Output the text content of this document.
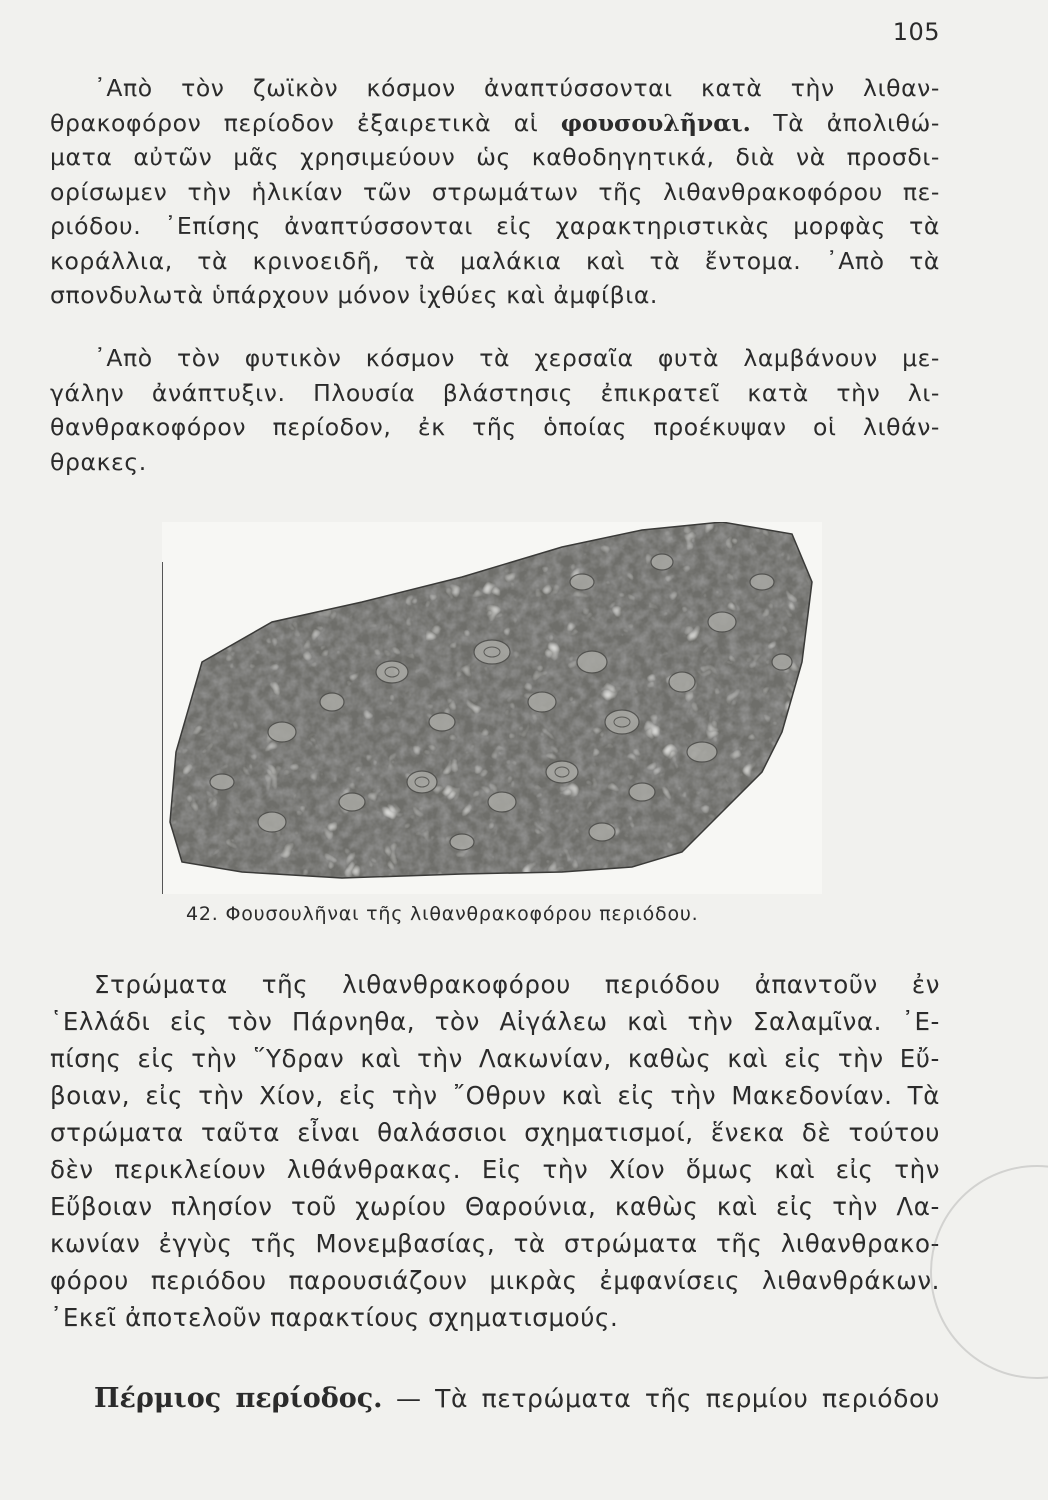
105
᾿Απὸ τὸν ζωϊκὸν κόσμον ἀναπτύσσονται κατὰ τὴν λιθαν-
θρακοφόρον περίοδον ἐξαιρετικὰ αἱ φουσουλῆναι. Τὰ ἀπολιθώ-
ματα αὐτῶν μᾶς χρησιμεύουν ὡς καθοδηγητικά, διὰ νὰ προσδι-
ορίσωμεν τὴν ἡλικίαν τῶν στρωμάτων τῆς λιθανθρακοφόρου πε-
ριόδου. ᾿Επίσης ἀναπτύσσονται εἰς χαρακτηριστικὰς μορφὰς τὰ
κοράλλια, τὰ κρινοειδῆ, τὰ μαλάκια καὶ τὰ ἔντομα. ᾿Απὸ τὰ
σπονδυλωτὰ ὑπάρχουν μόνον ἰχθύες καὶ ἀμφίβια.
᾿Απὸ τὸν φυτικὸν κόσμον τὰ χερσαῖα φυτὰ λαμβάνουν με-
γάλην ἀνάπτυξιν. Πλουσία βλάστησις ἐπικρατεῖ κατὰ τὴν λι-
θανθρακοφόρον περίοδον, ἐκ τῆς ὁποίας προέκυψαν οἱ λιθάν-
θρακες.
42. Φουσουλῆναι τῆς λιθανθρακοφόρου περιόδου.
Στρώματα τῆς λιθανθρακοφόρου περιόδου ἀπαντοῦν ἐν
῾Ελλάδι εἰς τὸν Πάρνηθα, τὸν Αἰγάλεω καὶ τὴν Σαλαμῖνα. ᾿Ε-
πίσης εἰς τὴν ῞Υδραν καὶ τὴν Λακωνίαν, καθὼς καὶ εἰς τὴν Εὔ-
βοιαν, εἰς τὴν Χίον, εἰς τὴν ῎Οθρυν καὶ εἰς τὴν Μακεδονίαν. Τὰ
στρώματα ταῦτα εἶναι θαλάσσιοι σχηματισμοί, ἕνεκα δὲ τούτου
δὲν περικλείουν λιθάνθρακας. Εἰς τὴν Χίον ὅμως καὶ εἰς τὴν
Εὔβοιαν πλησίον τοῦ χωρίου Θαρούνια, καθὼς καὶ εἰς τὴν Λα-
κωνίαν ἐγγὺς τῆς Μονεμβασίας, τὰ στρώματα τῆς λιθανθρακο-
φόρου περιόδου παρουσιάζουν μικρὰς ἐμφανίσεις λιθανθράκων.
᾿Εκεῖ ἀποτελοῦν παρακτίους σχηματισμούς.
Πέρμιος περίοδος. — Τὰ πετρώματα τῆς περμίου περιόδου
